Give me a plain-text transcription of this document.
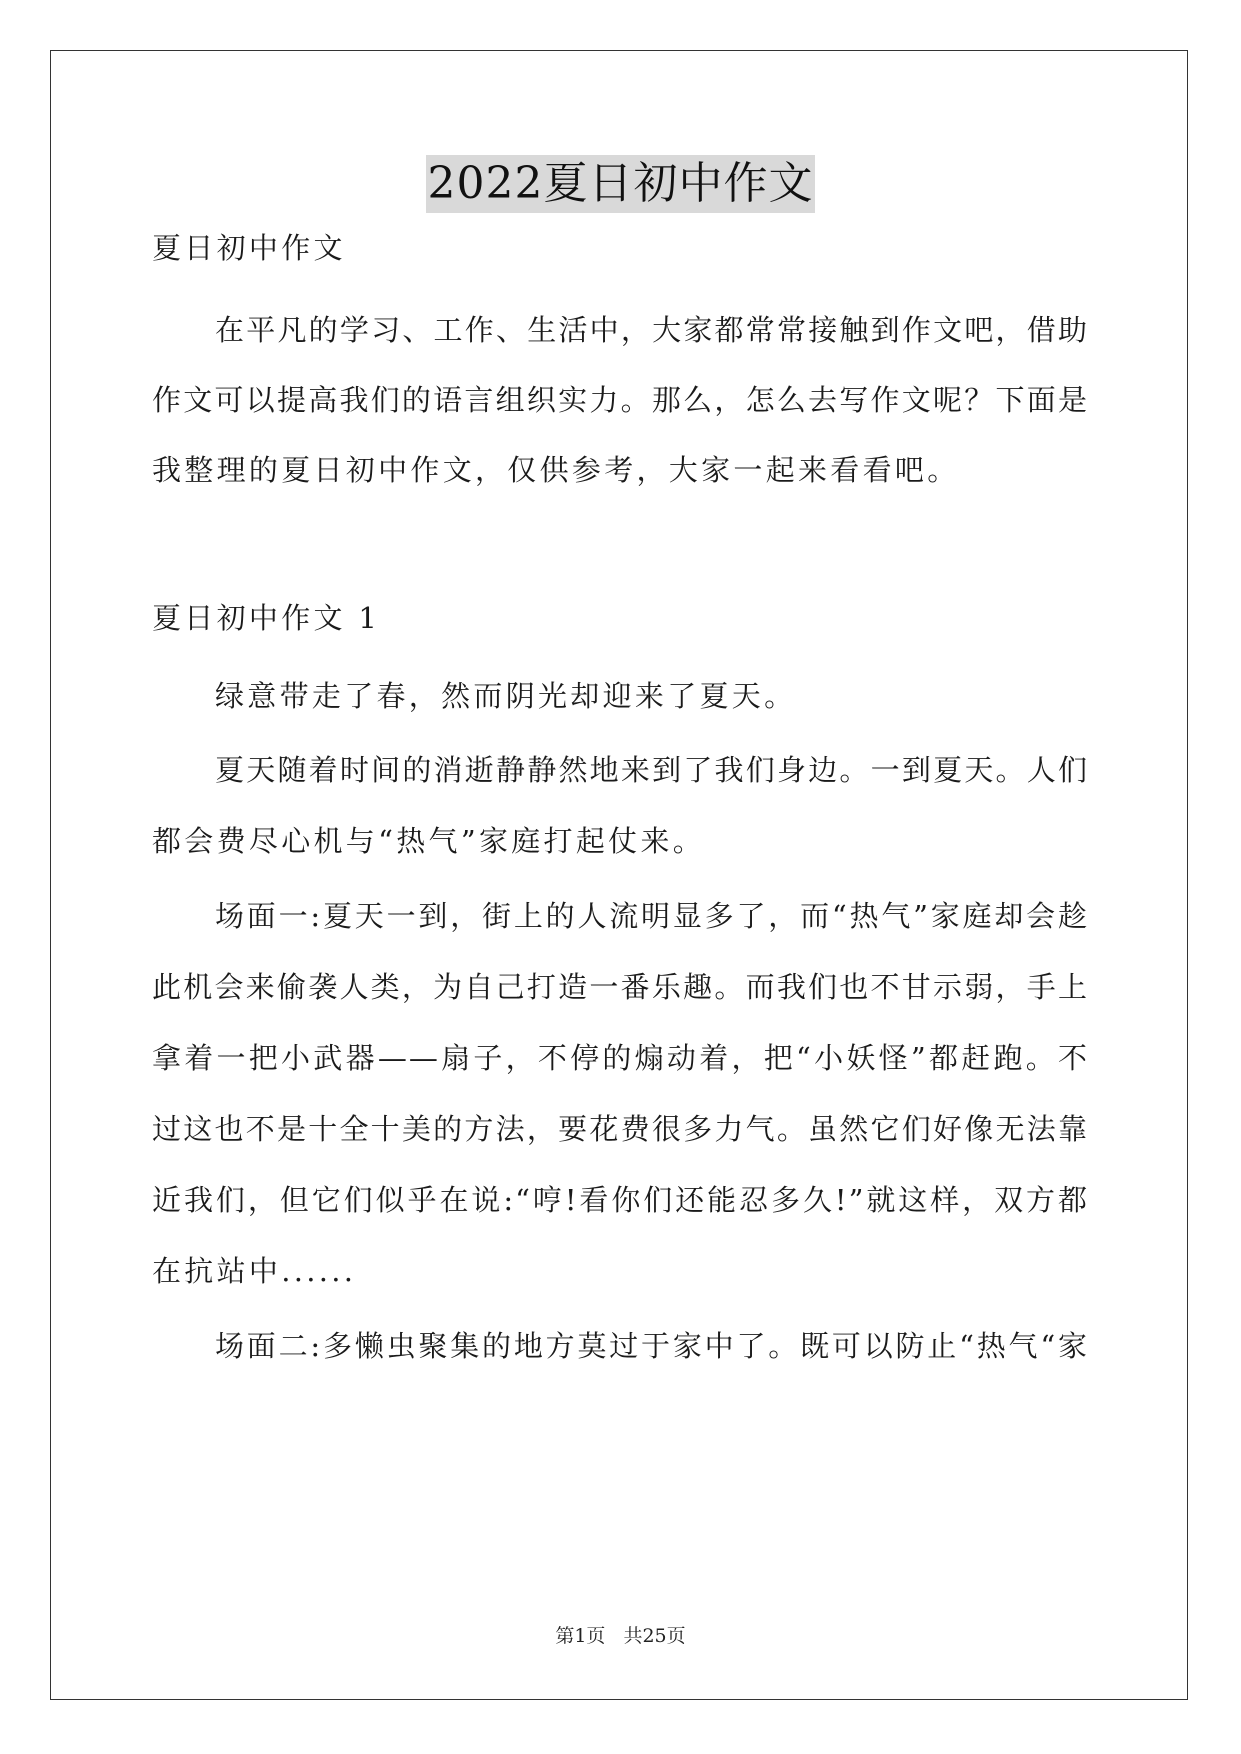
2022夏日初中作文
夏日初中作文
在平凡的学习、工作、生活中，大家都常常接触到作文吧，借助
作文可以提高我们的语言组织实力。那么，怎么去写作文呢？下面是
我整理的夏日初中作文，仅供参考，大家一起来看看吧。
夏日初中作文 1
绿意带走了春，然而阴光却迎来了夏天。
夏天随着时间的消逝静静然地来到了我们身边。一到夏天。人们
都会费尽心机与“热气”家庭打起仗来。
场面一:夏天一到，街上的人流明显多了，而“热气”家庭却会趁
此机会来偷袭人类，为自己打造一番乐趣。而我们也不甘示弱，手上
拿着一把小武器——扇子，不停的煽动着，把“小妖怪”都赶跑。不
过这也不是十全十美的方法，要花费很多力气。虽然它们好像无法靠
近我们，但它们似乎在说:“哼!看你们还能忍多久!”就这样，双方都
在抗站中......
场面二:多懒虫聚集的地方莫过于家中了。既可以防止“热气“家
第1页 共25页
